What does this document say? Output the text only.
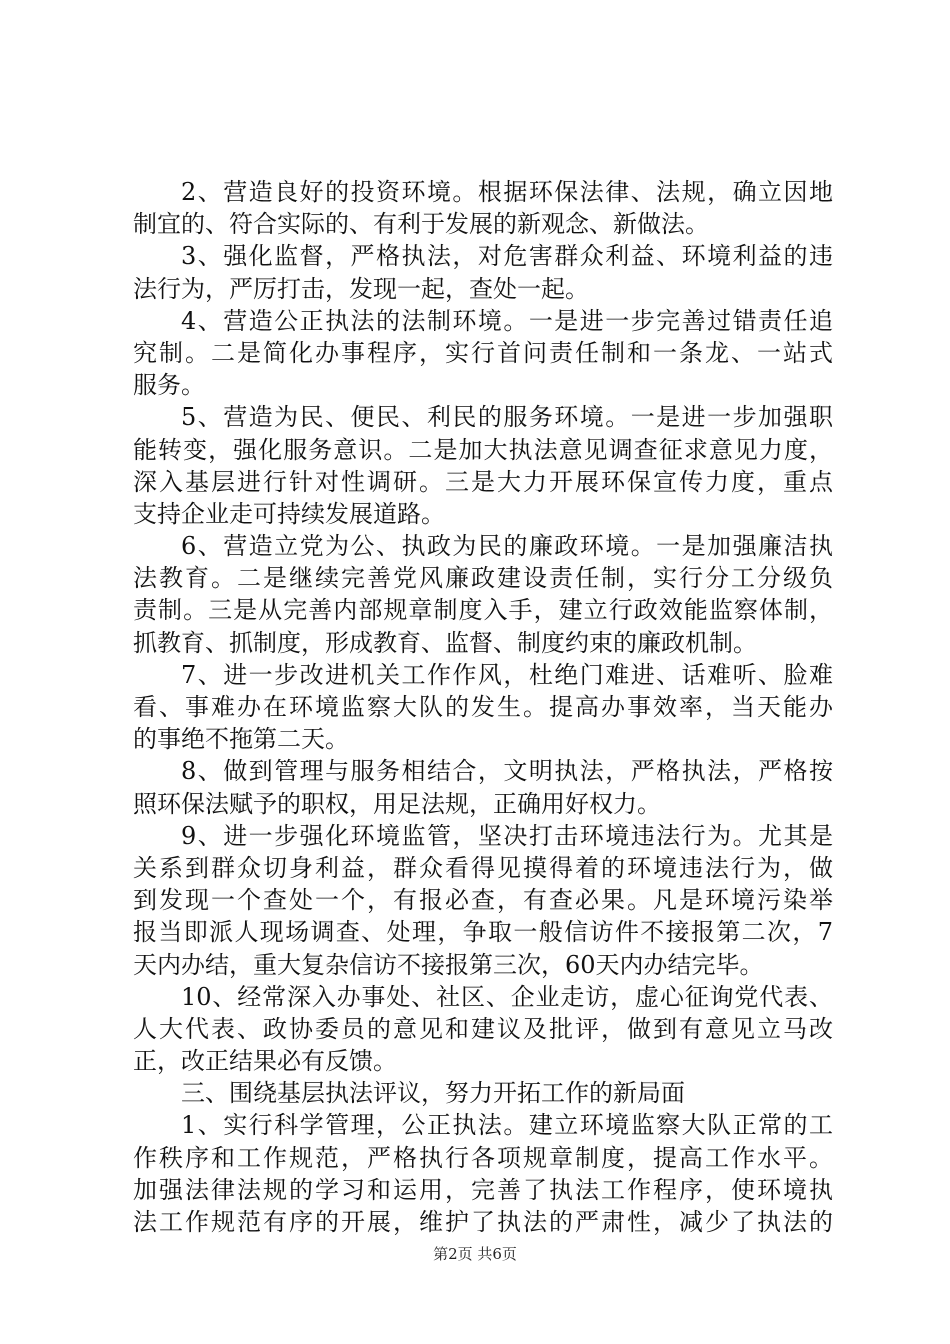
2、营造良好的投资环境。根据环保法律、法规，确立因地
制宜的、符合实际的、有利于发展的新观念、新做法。
3、强化监督，严格执法，对危害群众利益、环境利益的违
法行为，严厉打击，发现一起，查处一起。
4、营造公正执法的法制环境。一是进一步完善过错责任追
究制。二是简化办事程序，实行首问责任制和一条龙、一站式
服务。
5、营造为民、便民、利民的服务环境。一是进一步加强职
能转变，强化服务意识。二是加大执法意见调查征求意见力度，
深入基层进行针对性调研。三是大力开展环保宣传力度，重点
支持企业走可持续发展道路。
6、营造立党为公、执政为民的廉政环境。一是加强廉洁执
法教育。二是继续完善党风廉政建设责任制，实行分工分级负
责制。三是从完善内部规章制度入手，建立行政效能监察体制，
抓教育、抓制度，形成教育、监督、制度约束的廉政机制。
7、进一步改进机关工作作风，杜绝门难进、话难听、脸难
看、事难办在环境监察大队的发生。提高办事效率，当天能办
的事绝不拖第二天。
8、做到管理与服务相结合，文明执法，严格执法，严格按
照环保法赋予的职权，用足法规，正确用好权力。
9、进一步强化环境监管，坚决打击环境违法行为。尤其是
关系到群众切身利益，群众看得见摸得着的环境违法行为，做
到发现一个查处一个，有报必查，有查必果。凡是环境污染举
报当即派人现场调查、处理，争取一般信访件不接报第二次，7
天内办结，重大复杂信访不接报第三次，60天内办结完毕。
10、经常深入办事处、社区、企业走访，虚心征询党代表、
人大代表、政协委员的意见和建议及批评，做到有意见立马改
正，改正结果必有反馈。
三、围绕基层执法评议，努力开拓工作的新局面
1、实行科学管理，公正执法。建立环境监察大队正常的工
作秩序和工作规范，严格执行各项规章制度，提高工作水平。
加强法律法规的学习和运用，完善了执法工作程序，使环境执
法工作规范有序的开展，维护了执法的严肃性，减少了执法的
第2页 共6页
